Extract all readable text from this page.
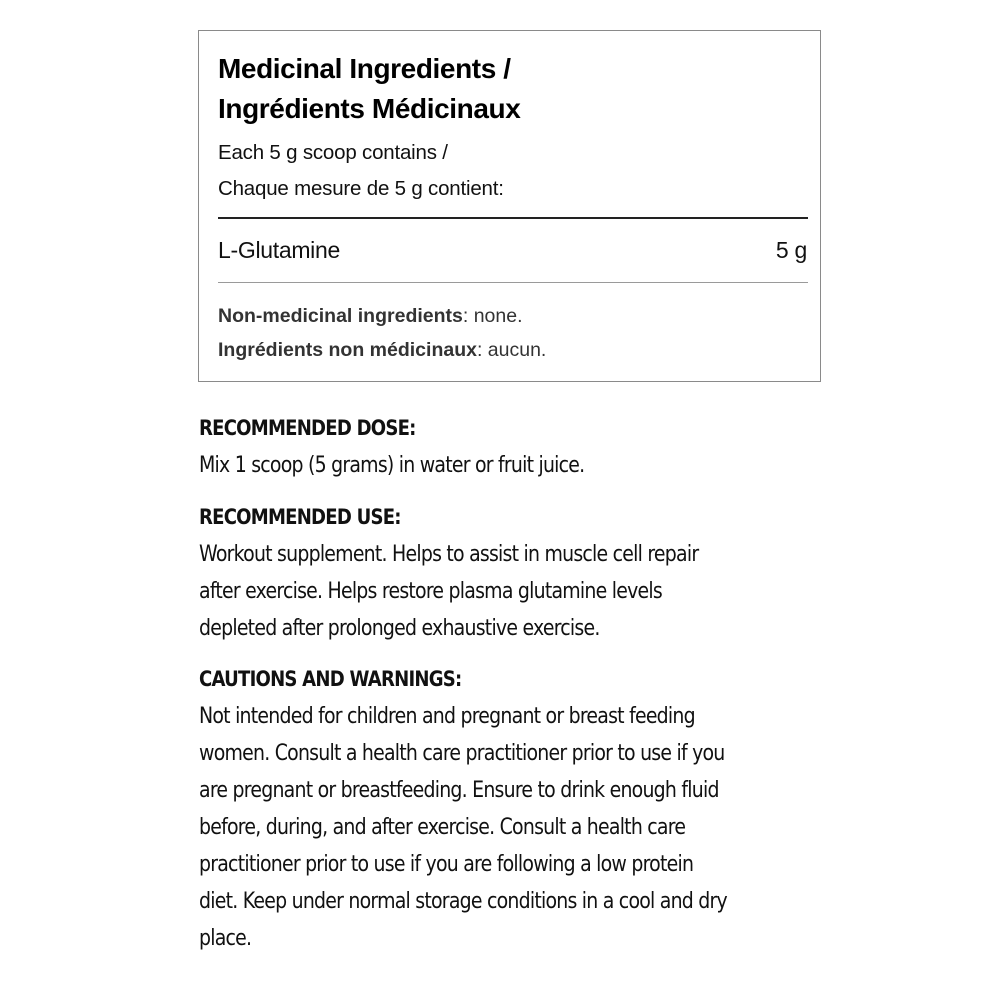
Medicinal Ingredients /
Ingrédients Médicinaux
Each 5 g scoop contains /
Chaque mesure de 5 g contient:
L-Glutamine	5 g
Non-medicinal ingredients: none.
Ingrédients non médicinaux: aucun.
RECOMMENDED DOSE:
Mix 1 scoop (5 grams) in water or fruit juice.
RECOMMENDED USE:
Workout supplement. Helps to assist in muscle cell repair
after exercise. Helps restore plasma glutamine levels
depleted after prolonged exhaustive exercise.
CAUTIONS AND WARNINGS:
Not intended for children and pregnant or breast feeding
women. Consult a health care practitioner prior to use if you
are pregnant or breastfeeding. Ensure to drink enough fluid
before, during, and after exercise. Consult a health care
practitioner prior to use if you are following a low protein
diet. Keep under normal storage conditions in a cool and dry
place.
